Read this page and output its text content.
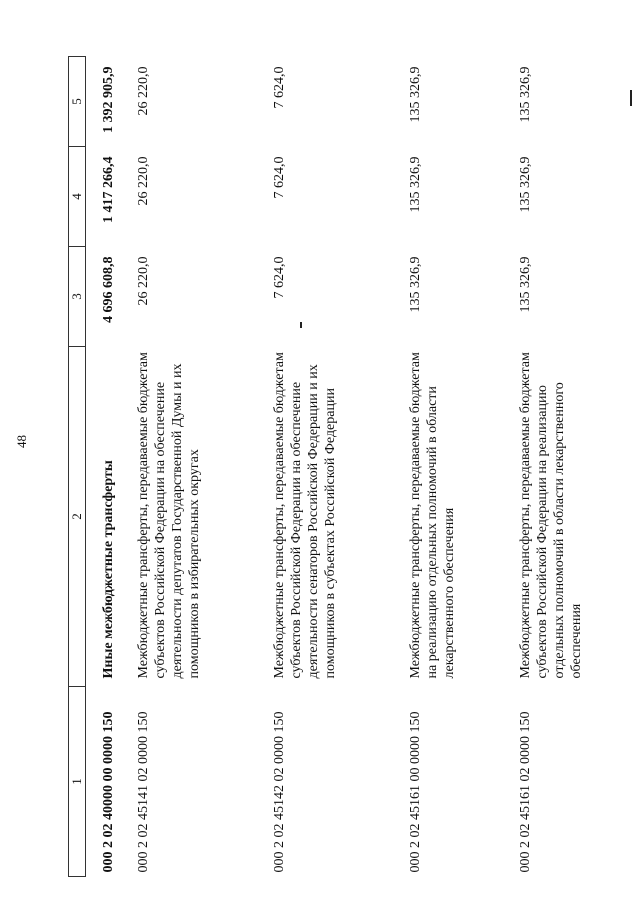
48
1	2	3	4	5
000 2 02 40000 00 0000 150	Иные межбюджетные трансферты	4 696 608,8	1 417 266,4	1 392 905,9
000 2 02 45141 02 0000 150	Межбюджетные трансферты, передаваемые бюджетам субъектов Российской Федерации на обеспечение деятельности депутатов Государственной Думы и их помощников в избирательных округах	26 220,0	26 220,0	26 220,0
000 2 02 45142 02 0000 150	Межбюджетные трансферты, передаваемые бюджетам субъектов Российской Федерации на обеспечение деятельности сенаторов Российской Федерации и их помощников в субъектах Российской Федерации	7 624,0	7 624,0	7 624,0
000 2 02 45161 00 0000 150	Межбюджетные трансферты, передаваемые бюджетам на реализацию отдельных полномочий в области лекарственного обеспечения	135 326,9	135 326,9	135 326,9
000 2 02 45161 02 0000 150	Межбюджетные трансферты, передаваемые бюджетам субъектов Российской Федерации на реализацию отдельных полномочий в области лекарственного обеспечения	135 326,9	135 326,9	135 326,9
